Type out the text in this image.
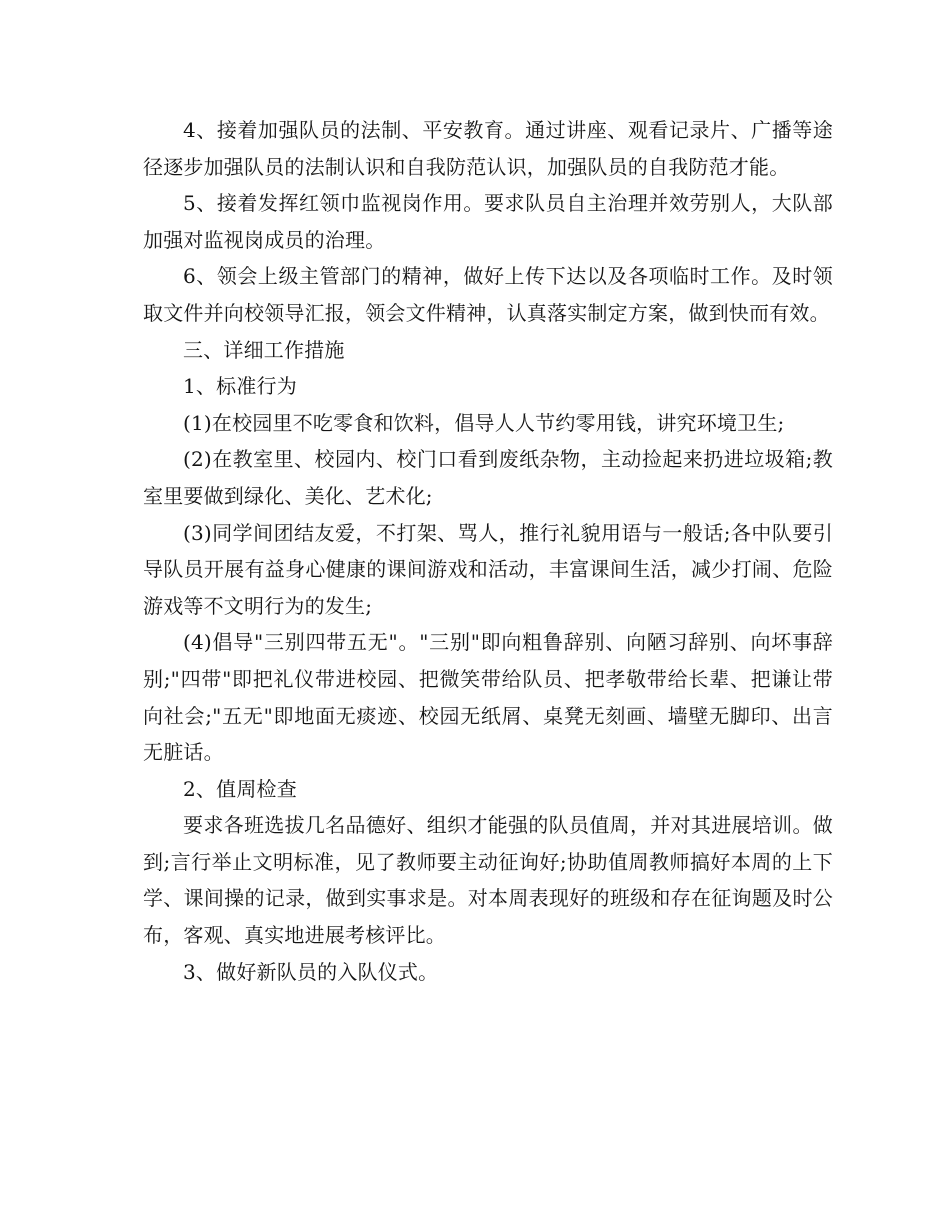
4、接着加强队员的法制、平安教育。通过讲座、观看记录片、广播等途径逐步加强队员的法制认识和自我防范认识，加强队员的自我防范才能。

5、接着发挥红领巾监视岗作用。要求队员自主治理并效劳别人，大队部加强对监视岗成员的治理。

6、领会上级主管部门的精神，做好上传下达以及各项临时工作。及时领取文件并向校领导汇报，领会文件精神，认真落实制定方案，做到快而有效。

三、详细工作措施

1、标准行为

(1)在校园里不吃零食和饮料，倡导人人节约零用钱，讲究环境卫生;

(2)在教室里、校园内、校门口看到废纸杂物，主动捡起来扔进垃圾箱;教室里要做到绿化、美化、艺术化;

(3)同学间团结友爱，不打架、骂人，推行礼貌用语与一般话;各中队要引导队员开展有益身心健康的课间游戏和活动，丰富课间生活，减少打闹、危险游戏等不文明行为的发生;

(4)倡导"三别四带五无"。"三别"即向粗鲁辞别、向陋习辞别、向坏事辞别;"四带"即把礼仪带进校园、把微笑带给队员、把孝敬带给长辈、把谦让带向社会;"五无"即地面无痰迹、校园无纸屑、桌凳无刻画、墙壁无脚印、出言无脏话。

2、值周检查

要求各班选拔几名品德好、组织才能强的队员值周，并对其进展培训。做到;言行举止文明标准，见了教师要主动征询好;协助值周教师搞好本周的上下学、课间操的记录，做到实事求是。对本周表现好的班级和存在征询题及时公布，客观、真实地进展考核评比。

3、做好新队员的入队仪式。
